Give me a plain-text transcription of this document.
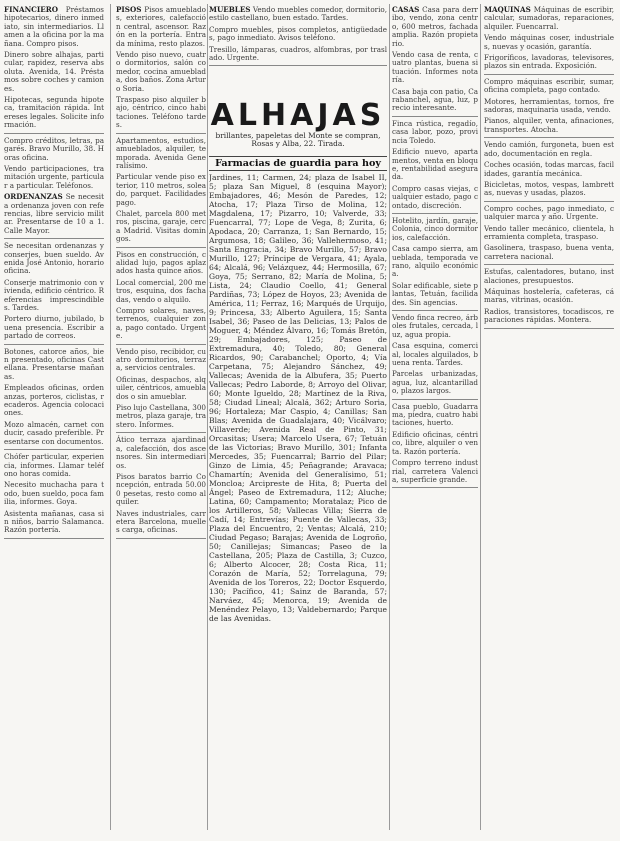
FINANCIERO Préstamos hipotecarios, dinero inmediato, sin intermediarios. Llamen a la oficina por la mañana. Compro pisos.
Dinero sobre alhajas, particular, rapidez, reserva absoluta. Avenida, 14. Préstamos sobre coches y camiones.
Hipotecas, segunda hipoteca, tramitación rápida. Intereses legales. Solicite información.
Compro créditos, letras, pagarés. Bravo Murillo, 38. Horas oficina.
Vendo participaciones, tramitación urgente, particular a particular. Teléfonos.
ORDENANZAS Se necesita ordenanza joven con referencias, libre servicio militar. Presentarse de 10 a 1. Calle Mayor.
Se necesitan ordenanzas y conserjes, buen sueldo. Avenida José Antonio, horario oficina.
Conserje matrimonio con vivienda, edificio céntrico. Referencias imprescindibles. Tardes.
Portero diurno, jubilado, buena presencia. Escribir apartado de correos.
Botones, catorce años, bien presentado, oficinas Castellana. Presentarse mañanas.
Empleados oficinas, ordenanzas, porteros, ciclistas, recaderos. Agencia colocaciones.
Mozo almacén, carnet conducir, casado preferible. Presentarse con documentos.
Chófer particular, experiencia, informes. Llamar teléfono horas comida.
Necesito muchacha para todo, buen sueldo, poca familia, informes. Goya.
Asistenta mañanas, casa sin niños, barrio Salamanca. Razón portería.
PISOS Pisos amueblados, exteriores, calefacción central, ascensor. Razón en la portería. Entrada mínima, resto plazos.
Vendo piso nuevo, cuatro dormitorios, salón comedor, cocina amueblada, dos baños. Zona Arturo Soria.
Traspaso piso alquiler bajo, céntrico, cinco habitaciones. Teléfono tardes.
Apartamentos, estudios, amueblados, alquiler, temporada. Avenida Generalísimo.
Particular vende piso exterior, 110 metros, soleado, parquet. Facilidades pago.
Chalet, parcela 800 metros, piscina, garaje, cerca Madrid. Visitas domingos.
Pisos en construcción, calidad lujo, pagos aplazados hasta quince años.
Local comercial, 200 metros, esquina, dos fachadas, vendo o alquilo.
Compro solares, naves, terrenos, cualquier zona, pago contado. Urgente.
Vendo piso, recibidor, cuatro dormitorios, terraza, servicios centrales.
Oficinas, despachos, alquiler, céntricos, amueblados o sin amueblar.
Piso lujo Castellana, 300 metros, plaza garaje, trastero. Informes.
Ático terraza ajardinada, calefacción, dos ascensores. Sin intermediarios.
Pisos baratos barrio Concepción, entrada 50.000 pesetas, resto como alquiler.
Naves industriales, carretera Barcelona, muelles carga, oficinas.
MUEBLES Vendo muebles comedor, dormitorio, estilo castellano, buen estado. Tardes.
Compro muebles, pisos completos, antigüedades, pago inmediato. Avisos teléfono.
Tresillo, lámparas, cuadros, alfombras, por traslado. Urgente.
ALHAJAS
brillantes, papeletas del Monte se compran, Rosas y Alba, 22. Tirada.
Farmacias de guardia para hoy
Jardines, 11; Carmen, 24; plaza de Isabel II, 5; plaza San Miguel, 8 (esquina Mayor); Embajadores, 46; Mesón de Paredes, 12; Atocha, 17; Plaza Tirso de Molina, 12; Magdalena, 17; Pizarro, 10; Valverde, 33; Fuencarral, 77; Lope de Vega, 8; Zurita, 6; Apodaca, 20; Carranza, 1; San Bernardo, 15; Argumosa, 18; Galileo, 36; Vallehermoso, 41; Santa Engracia, 34; Bravo Murillo, 57; Bravo Murillo, 127; Príncipe de Vergara, 41; Ayala, 64; Alcalá, 96; Velázquez, 44; Hermosilla, 67; Goya, 75; Serrano, 82; María de Molina, 5; Lista, 24; Claudio Coello, 41; General Pardiñas, 73; López de Hoyos, 23; Avenida de América, 11; Ferraz, 16; Marqués de Urquijo, 9; Princesa, 33; Alberto Aguilera, 15; Santa Isabel, 36; Paseo de las Delicias, 13; Palos de Moguer, 4; Méndez Álvaro, 16; Tomás Bretón, 29; Embajadores, 125; Paseo de Extremadura, 40; Toledo, 80; General Ricardos, 90; Carabanchel; Oporto, 4; Vía Carpetana, 75; Alejandro Sánchez, 49; Vallecas; Avenida de la Albufera, 35; Puerto Vallecas; Pedro Laborde, 8; Arroyo del Olivar, 60; Monte Igueldo, 28; Martínez de la Riva, 58; Ciudad Lineal; Alcalá, 362; Arturo Soria, 96; Hortaleza; Mar Caspio, 4; Canillas; San Blas; Avenida de Guadalajara, 40; Vicálvaro; Villaverde; Avenida Real de Pinto, 31; Orcasitas; Usera; Marcelo Usera, 67; Tetuán de las Victorias; Bravo Murillo, 301; Infanta Mercedes, 35; Fuencarral; Barrio del Pilar; Ginzo de Limia, 45; Peñagrande; Aravaca; Chamartín; Avenida del Generalísimo, 51; Moncloa; Arcipreste de Hita, 8; Puerta del Ángel; Paseo de Extremadura, 112; Aluche; Latina, 60; Campamento; Moratalaz; Pico de los Artilleros, 58; Vallecas Villa; Sierra de Cadí, 14; Entrevías; Puente de Vallecas, 33; Plaza del Encuentro, 2; Ventas; Alcalá, 210; Ciudad Pegaso; Barajas; Avenida de Logroño, 50; Canillejas; Simancas; Paseo de la Castellana, 205; Plaza de Castilla, 3; Cuzco, 6; Alberto Alcocer, 28; Costa Rica, 11; Corazón de María, 52; Torrelaguna, 79; Avenida de los Toreros, 22; Doctor Esquerdo, 130; Pacífico, 41; Sainz de Baranda, 57; Narváez, 45; Menorca, 19; Avenida de Menéndez Pelayo, 13; Valdebernardo; Parque de las Avenidas.
CASAS Casa para derribo, vendo, zona centro, 600 metros, fachada amplia. Razón propietario.
Vendo casa de renta, cuatro plantas, buena situación. Informes notaría.
Casa baja con patio, Carabanchel, agua, luz, precio interesante.
Finca rústica, regadío, casa labor, pozo, provincia Toledo.
Edificio nuevo, apartamentos, venta en bloque, rentabilidad asegurada.
Compro casas viejas, cualquier estado, pago contado, discreción.
Hotelito, jardín, garaje, Colonia, cinco dormitorios, calefacción.
Casa campo sierra, amueblada, temporada verano, alquilo económica.
Solar edificable, siete plantas, Tetuán, facilidades. Sin agencias.
Vendo finca recreo, árboles frutales, cercada, luz, agua propia.
Casa esquina, comercial, locales alquilados, buena renta. Tardes.
Parcelas urbanizadas, agua, luz, alcantarillado, plazos largos.
Casa pueblo, Guadarrama, piedra, cuatro habitaciones, huerto.
Edificio oficinas, céntrico, libre, alquiler o venta. Razón portería.
Compro terreno industrial, carretera Valencia, superficie grande.
MÁQUINAS Máquinas de escribir, calcular, sumadoras, reparaciones, alquiler. Fuencarral.
Vendo máquinas coser, industriales, nuevas y ocasión, garantía.
Frigoríficos, lavadoras, televisores, plazos sin entrada. Exposición.
Compro máquinas escribir, sumar, oficina completa, pago contado.
Motores, herramientas, tornos, fresadoras, maquinaria usada, vendo.
Pianos, alquiler, venta, afinaciones, transportes. Atocha.
Vendo camión, furgoneta, buen estado, documentación en regla.
Coches ocasión, todas marcas, facilidades, garantía mecánica.
Bicicletas, motos, vespas, lambrettas, nuevas y usadas, plazos.
Compro coches, pago inmediato, cualquier marca y año. Urgente.
Vendo taller mecánico, clientela, herramienta completa, traspaso.
Gasolinera, traspaso, buena venta, carretera nacional.
Estufas, calentadores, butano, instalaciones, presupuestos.
Máquinas hostelería, cafeteras, cámaras, vitrinas, ocasión.
Radios, transistores, tocadiscos, reparaciones rápidas. Montera.
